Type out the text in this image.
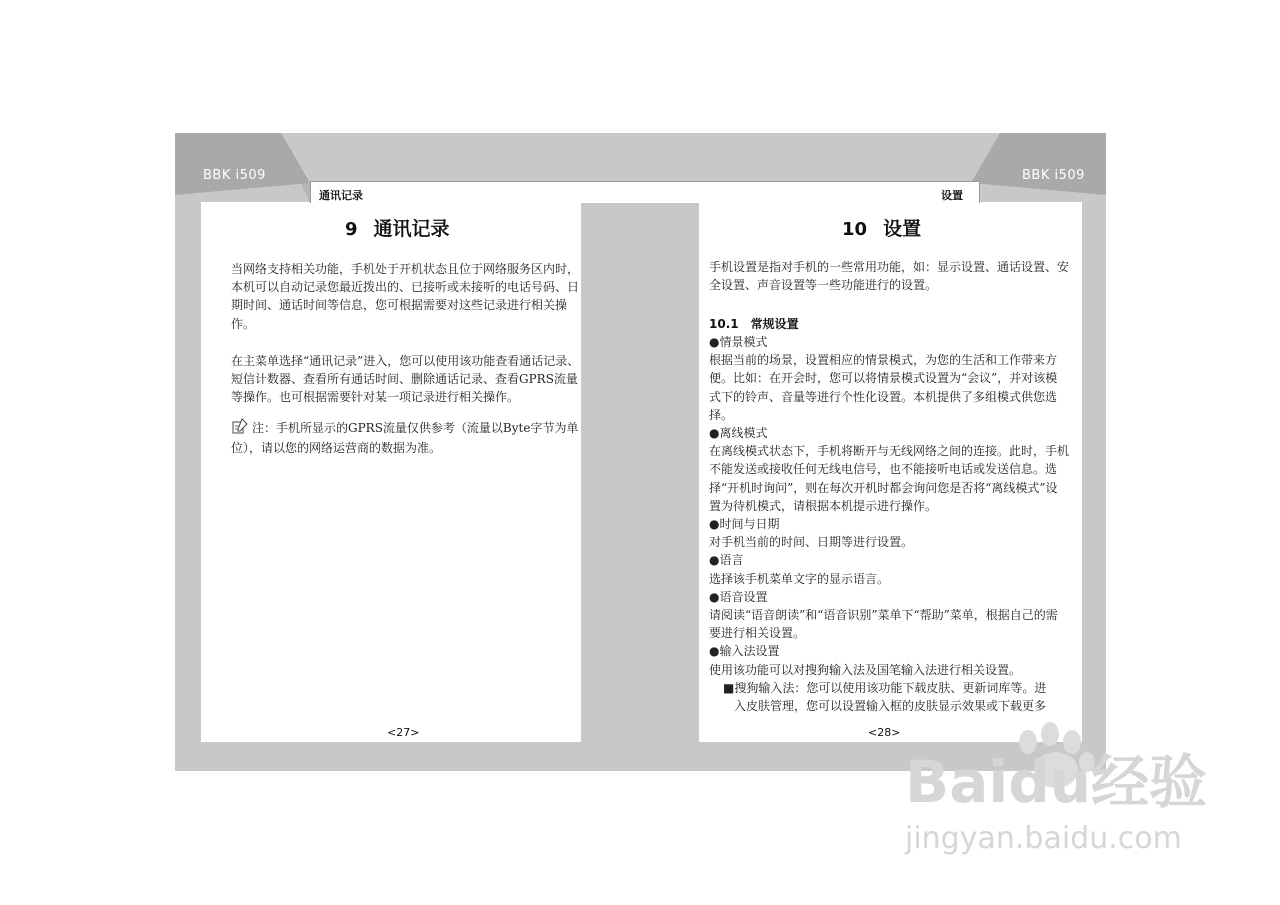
BBK i509	BBK i509
通讯记录	设置
9 通讯记录
当网络支持相关功能，手机处于开机状态且位于网络服务区内时，本机可以自动记录您最近拨出的、已接听或未接听的电话号码、日期时间、通话时间等信息，您可根据需要对这些记录进行相关操作。
在主菜单选择“通讯记录”进入，您可以使用该功能查看通话记录、短信计数器、查看所有通话时间、删除通话记录、查看GPRS流量等操作。也可根据需要针对某一项记录进行相关操作。
注：手机所显示的GPRS流量仅供参考（流量以Byte字节为单位），请以您的网络运营商的数据为准。
<27>
10 设置
手机设置是指对手机的一些常用功能，如：显示设置、通话设置、安全设置、声音设置等一些功能进行的设置。
10.1 常规设置
●情景模式
根据当前的场景，设置相应的情景模式，为您的生活和工作带来方便。比如：在开会时，您可以将情景模式设置为“会议”，并对该模式下的铃声、音量等进行个性化设置。本机提供了多组模式供您选择。
●离线模式
在离线模式状态下，手机将断开与无线网络之间的连接。此时，手机不能发送或接收任何无线电信号，也不能接听电话或发送信息。选择“开机时询问”，则在每次开机时都会询问您是否将“离线模式”设置为待机模式，请根据本机提示进行操作。
●时间与日期
对手机当前的时间、日期等进行设置。
●语言
选择该手机菜单文字的显示语言。
●语音设置
请阅读“语音朗读”和“语音识别”菜单下“帮助”菜单，根据自己的需要进行相关设置。
●输入法设置
使用该功能可以对搜狗输入法及国笔输入法进行相关设置。
■搜狗输入法：您可以使用该功能下载皮肤、更新词库等。进
入皮肤管理，您可以设置输入框的皮肤显示效果或下载更多
<28>
Baidu经验
jingyan.baidu.com
